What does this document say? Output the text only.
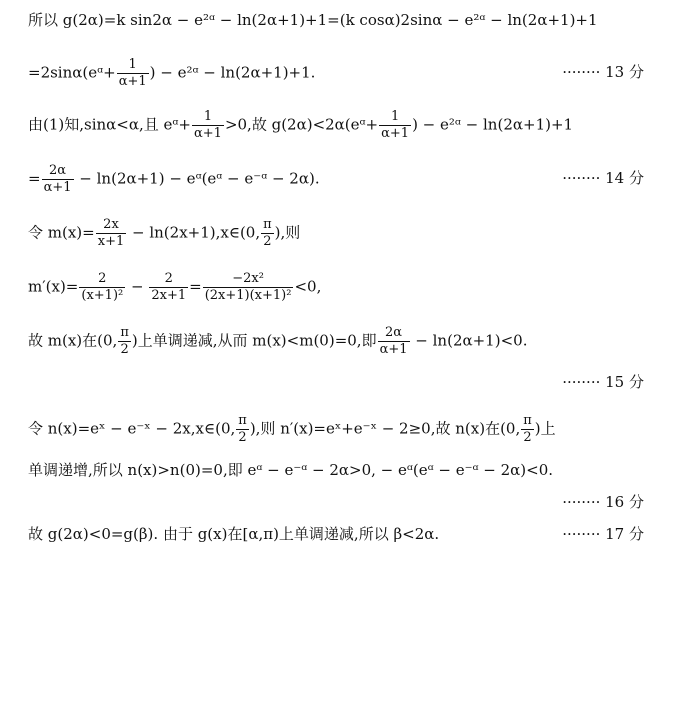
所以 g(2α)=k sin2α − e²ᵅ − ln(2α+1)+1=(k cosα)2sinα − e²ᵅ − ln(2α+1)+1
=2sinα(eᵅ+ $\frac{1}{\alpha+1}$ ) − e²ᵅ − ln(2α+1)+1.	········ 13 分
由(1)知,sinα<α,且 eᵅ+ $\frac{1}{\alpha+1} >0$,故 g(2α)<2α(eᵅ+ $\frac{1}{\alpha+1}$ ) − e²ᵅ − ln(2α+1)+1
= $\frac{2\alpha}{\alpha+1} - \ln(2\alpha+1)$ − eᵅ(eᵅ − e⁻ᵅ − 2α).	········ 14 分
令 $m(x)= \frac{2x}{x+1}$ − ln(2x+1),x∈(0, $\frac{\pi}{2}$ ),则
$m'(x)= \frac{2}{\text{(x+1)²}} - \frac{2}{2x+1} = \frac{\text{−2x²}}{\text{(2x+1)(x+1)²}} <0$,
故 m(x)在(0, $\frac{\pi}{2}$ )上单调递减,从而 m(x)<m(0)=0,即 $\frac{2\alpha}{\alpha+1} - \ln(2\alpha+1)<0$.
········ 15 分
令 n(x)=eˣ − e⁻ˣ − 2x,x∈(0, $\frac{\pi}{2}$ ),则 n′(x)=eˣ+e⁻ˣ − 2≥0,故 n(x)在(0, $\frac{\pi}{2}$ )上
单调递增,所以 n(x)>n(0)=0,即 eᵅ − e⁻ᵅ − 2α>0, − eᵅ(eᵅ − e⁻ᵅ − 2α)<0.
········ 16 分
故 g(2α)<0=g(β). 由于 g(x)在[α,π)上单调递减,所以 β<2α.	········ 17 分
